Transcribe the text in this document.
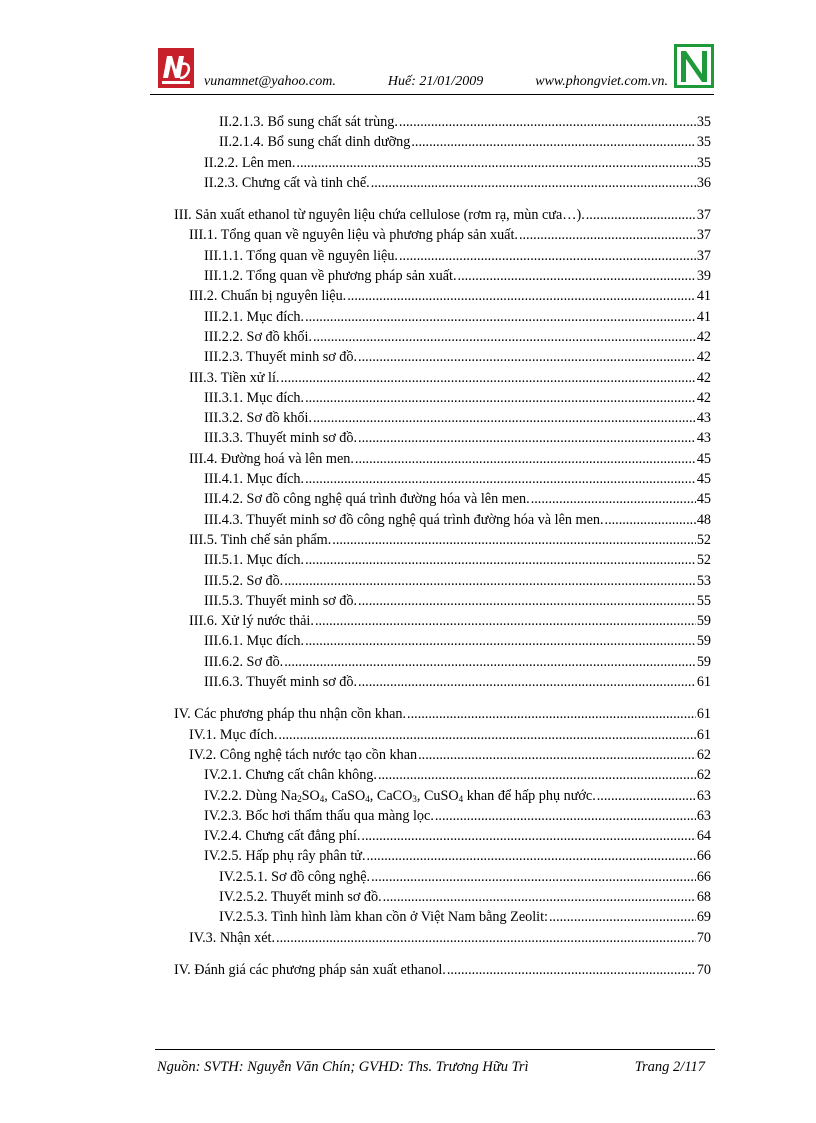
vunamnet@yahoo.com.	Huế: 21/01/2009	www.phongviet.com.vn.
II.2.1.3. Bổ sung chất sát trùng. .....	35
II.2.1.4. Bổ sung chất dinh dưỡng .....	35
II.2.2. Lên men. .....	35
II.2.3. Chưng cất và tinh chế. .....	36
III. Sản xuất ethanol từ nguyên liệu chứa cellulose (rơm rạ, mùn cưa…). .....	37
III.1. Tổng quan về nguyên liệu và phương pháp sản xuất. .....	37
III.1.1. Tổng quan về nguyên liệu. .....	37
III.1.2. Tổng quan về phương pháp sản xuất. .....	39
III.2. Chuẩn bị nguyên liệu. .....	41
III.2.1. Mục đích. .....	41
III.2.2. Sơ đồ khối. .....	42
III.2.3. Thuyết minh sơ đồ. .....	42
III.3. Tiền xử lí. .....	42
III.3.1. Mục đích. .....	42
III.3.2. Sơ đồ khối. .....	43
III.3.3. Thuyết minh sơ đồ. .....	43
III.4. Đường hoá và lên men. .....	45
III.4.1. Mục đích. .....	45
III.4.2. Sơ đồ công nghệ quá trình đường hóa và lên men. .....	45
III.4.3. Thuyết minh sơ đồ công nghệ quá trình đường hóa và lên men. .....	48
III.5. Tinh chế sản phẩm. .....	52
III.5.1. Mục đích. .....	52
III.5.2. Sơ đồ. .....	53
III.5.3. Thuyết minh sơ đồ. .....	55
III.6. Xử lý nước thải. .....	59
III.6.1. Mục đích. .....	59
III.6.2. Sơ đồ. .....	59
III.6.3. Thuyết minh sơ đồ. .....	61
IV. Các phương pháp thu nhận cồn khan. .....	61
IV.1. Mục đích. .....	61
IV.2. Công nghệ tách nước tạo cồn khan .....	62
IV.2.1. Chưng cất chân không. .....	62
IV.2.2. Dùng $Na_2SO_4$, CaSO$_4$, CaCO$_3$, CuSO$_4$ khan để hấp phụ nước. .....	63
IV.2.3. Bốc hơi thẩm thấu qua màng lọc. .....	63
IV.2.4. Chưng cất đẳng phí. .....	64
IV.2.5. Hấp phụ rây phân tử. .....	66
IV.2.5.1. Sơ đồ công nghệ. .....	66
IV.2.5.2. Thuyết minh sơ đồ. .....	68
IV.2.5.3. Tình hình làm khan cồn ở Việt Nam bằng Zeolit: .....	69
IV.3. Nhận xét. .....	70
IV. Đánh giá các phương pháp sản xuất ethanol. .....	70
Nguồn: SVTH: Nguyễn Văn Chín; GVHD: Ths. Trương Hữu Trì	Trang 2/117
